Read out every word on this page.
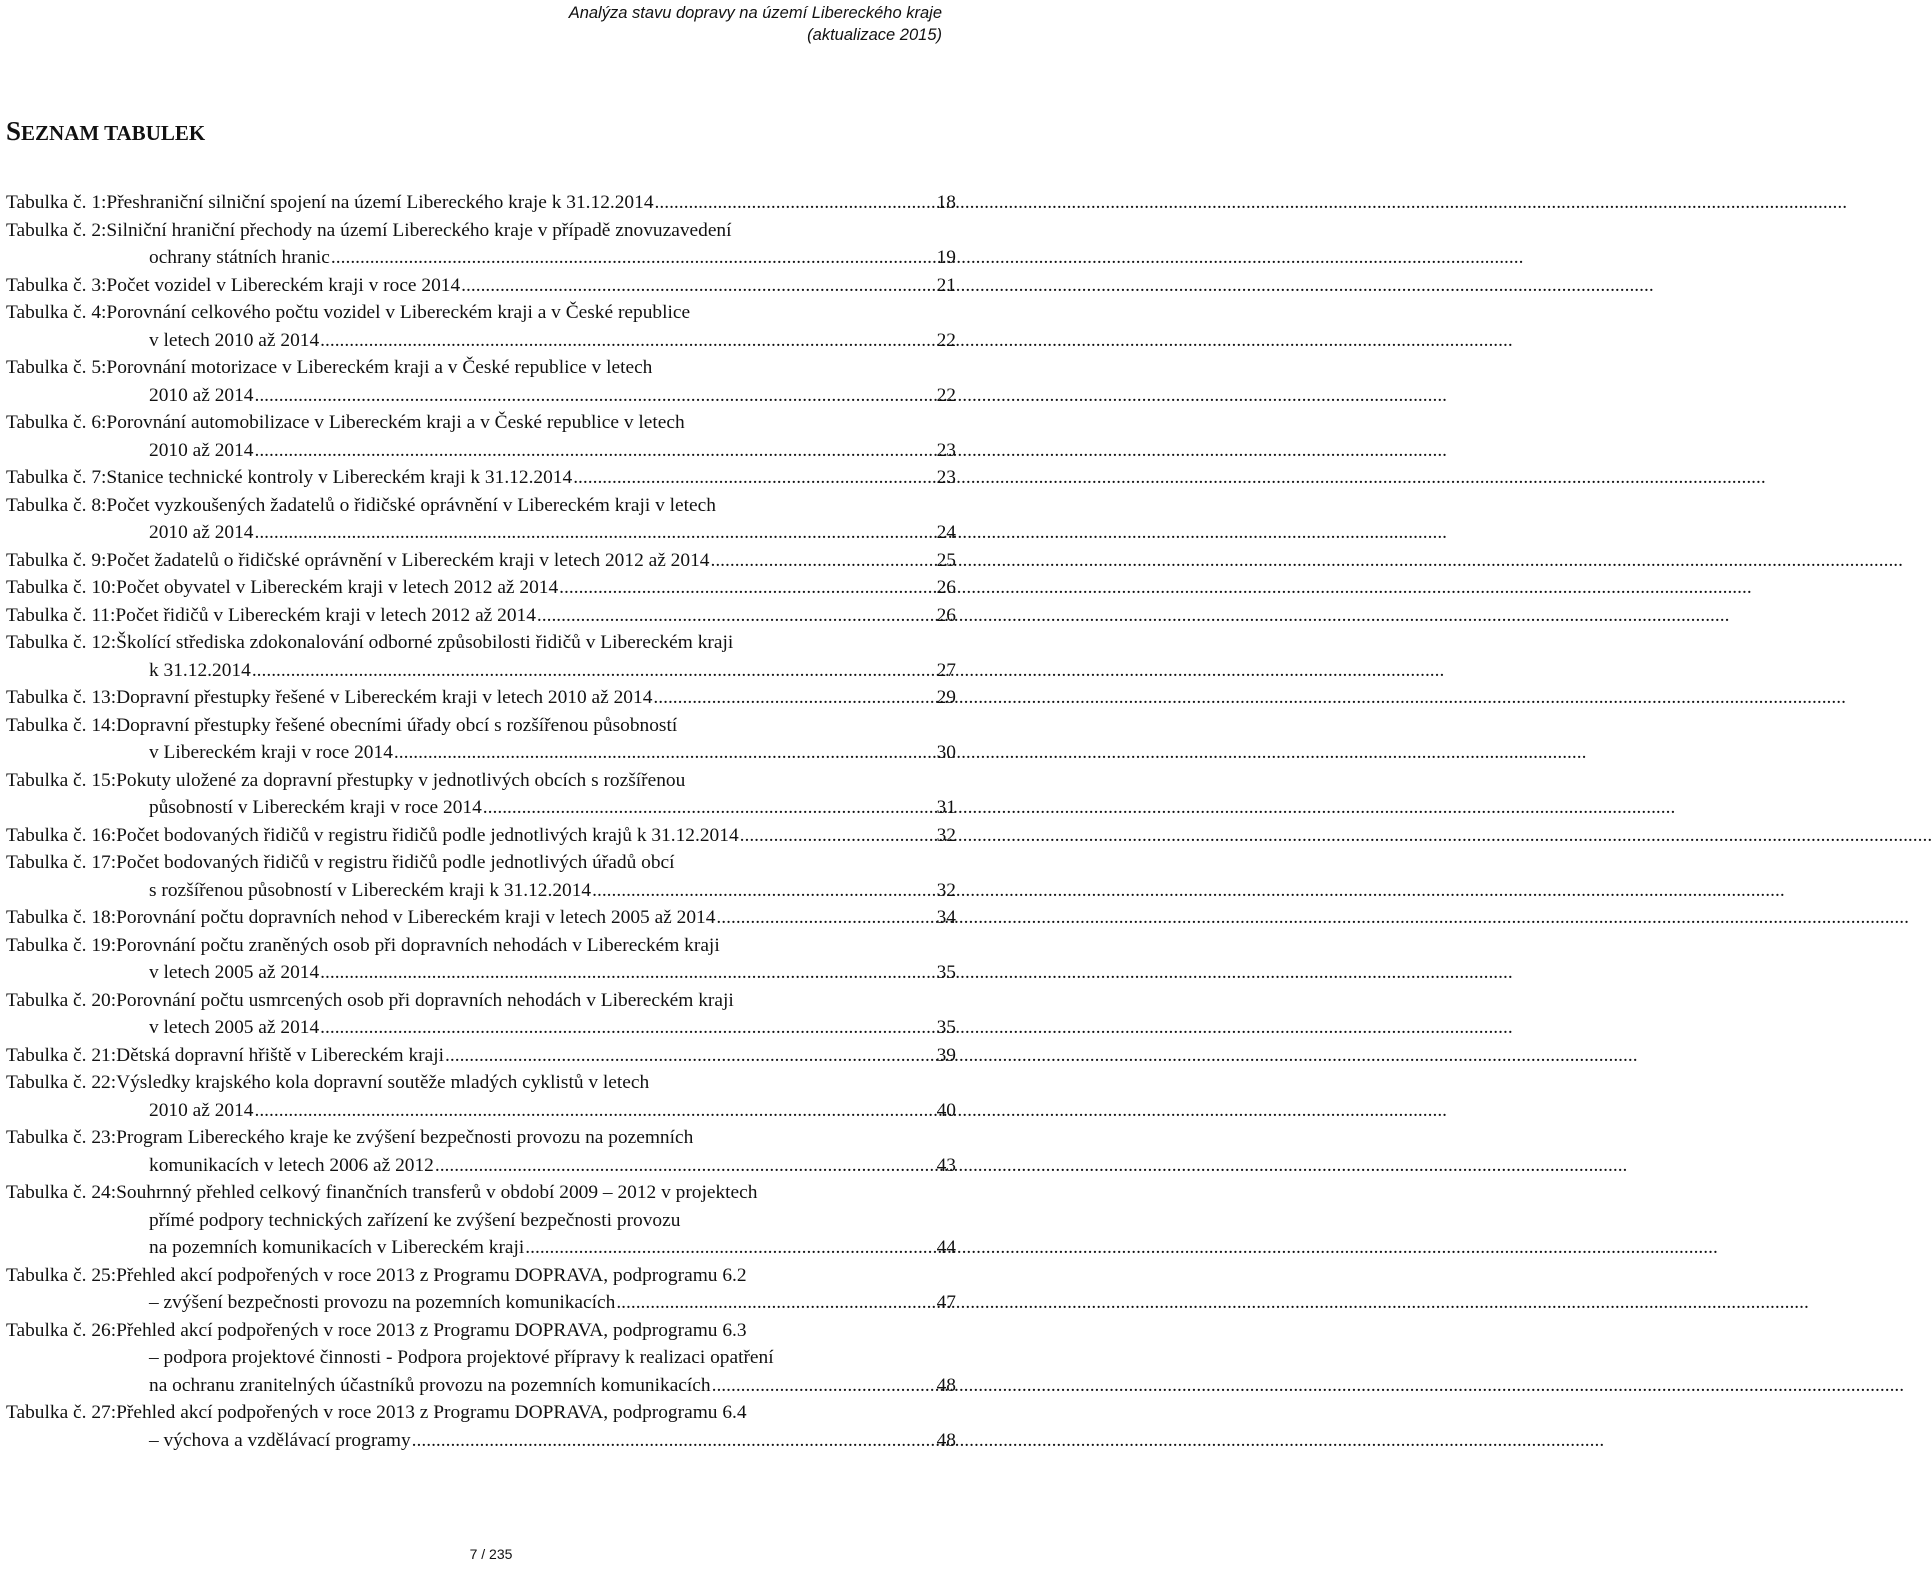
Analýza stavu dopravy na území Libereckého kraje
(aktualizace 2015)
SEZNAM TABULEK
Tabulka č. 1: Přeshraniční silniční spojení na území Libereckého kraje k 31.12.2014 .....	18
Tabulka č. 2: Silniční hraniční přechody na území Libereckého kraje v případě znovuzavedení
ochrany státních hranic .....	19
Tabulka č. 3: Počet vozidel v Libereckém kraji v roce 2014 .....	21
Tabulka č. 4: Porovnání celkového počtu vozidel v Libereckém kraji a v České republice
v letech 2010 až 2014 .....	22
Tabulka č. 5: Porovnání motorizace v Libereckém kraji a v České republice v letech
2010 až 2014 .....	22
Tabulka č. 6: Porovnání automobilizace v Libereckém kraji a v České republice v letech
2010 až 2014 .....	23
Tabulka č. 7: Stanice technické kontroly v Libereckém kraji k 31.12.2014 .....	23
Tabulka č. 8: Počet vyzkoušených žadatelů o řidičské oprávnění v Libereckém kraji v letech
2010 až 2014 .....	24
Tabulka č. 9: Počet žadatelů o řidičské oprávnění v Libereckém kraji v letech 2012 až 2014 .....	25
Tabulka č. 10: Počet obyvatel v Libereckém kraji v letech 2012 až 2014 .....	26
Tabulka č. 11: Počet řidičů v Libereckém kraji v letech 2012 až 2014 .....	26
Tabulka č. 12: Školící střediska zdokonalování odborné způsobilosti řidičů v Libereckém kraji
k 31.12.2014 .....	27
Tabulka č. 13: Dopravní přestupky řešené v Libereckém kraji v letech 2010 až 2014 .....	29
Tabulka č. 14: Dopravní přestupky řešené obecními úřady obcí s rozšířenou působností
v Libereckém kraji v roce 2014 .....	30
Tabulka č. 15: Pokuty uložené za dopravní přestupky v jednotlivých obcích s rozšířenou
působností v Libereckém kraji v roce 2014 .....	31
Tabulka č. 16: Počet bodovaných řidičů v registru řidičů podle jednotlivých krajů k 31.12.2014 .....	32
Tabulka č. 17: Počet bodovaných řidičů v registru řidičů podle jednotlivých úřadů obcí
s rozšířenou působností v Libereckém kraji k 31.12.2014 .....	32
Tabulka č. 18: Porovnání počtu dopravních nehod v Libereckém kraji v letech 2005 až 2014 .....	34
Tabulka č. 19: Porovnání počtu zraněných osob při dopravních nehodách v Libereckém kraji
v letech 2005 až 2014 .....	35
Tabulka č. 20: Porovnání počtu usmrcených osob při dopravních nehodách v Libereckém kraji
v letech 2005 až 2014 .....	35
Tabulka č. 21: Dětská dopravní hřiště v Libereckém kraji .....	39
Tabulka č. 22: Výsledky krajského kola dopravní soutěže mladých cyklistů v letech
2010 až 2014 .....	40
Tabulka č. 23: Program Libereckého kraje ke zvýšení bezpečnosti provozu na pozemních
komunikacích v letech 2006 až 2012 .....	43
Tabulka č. 24: Souhrnný přehled celkový finančních transferů v období 2009 – 2012 v projektech
přímé podpory technických zařízení ke zvýšení bezpečnosti provozu
na pozemních komunikacích v Libereckém kraji .....	44
Tabulka č. 25: Přehled akcí podpořených v roce 2013 z Programu DOPRAVA, podprogramu 6.2
– zvýšení bezpečnosti provozu na pozemních komunikacích .....	47
Tabulka č. 26: Přehled akcí podpořených v roce 2013 z Programu DOPRAVA, podprogramu 6.3
– podpora projektové činnosti - Podpora projektové přípravy k realizaci opatření
na ochranu zranitelných účastníků provozu na pozemních komunikacích .....	48
Tabulka č. 27: Přehled akcí podpořených v roce 2013 z Programu DOPRAVA, podprogramu 6.4
– výchova a vzdělávací programy .....	48
7 / 235
